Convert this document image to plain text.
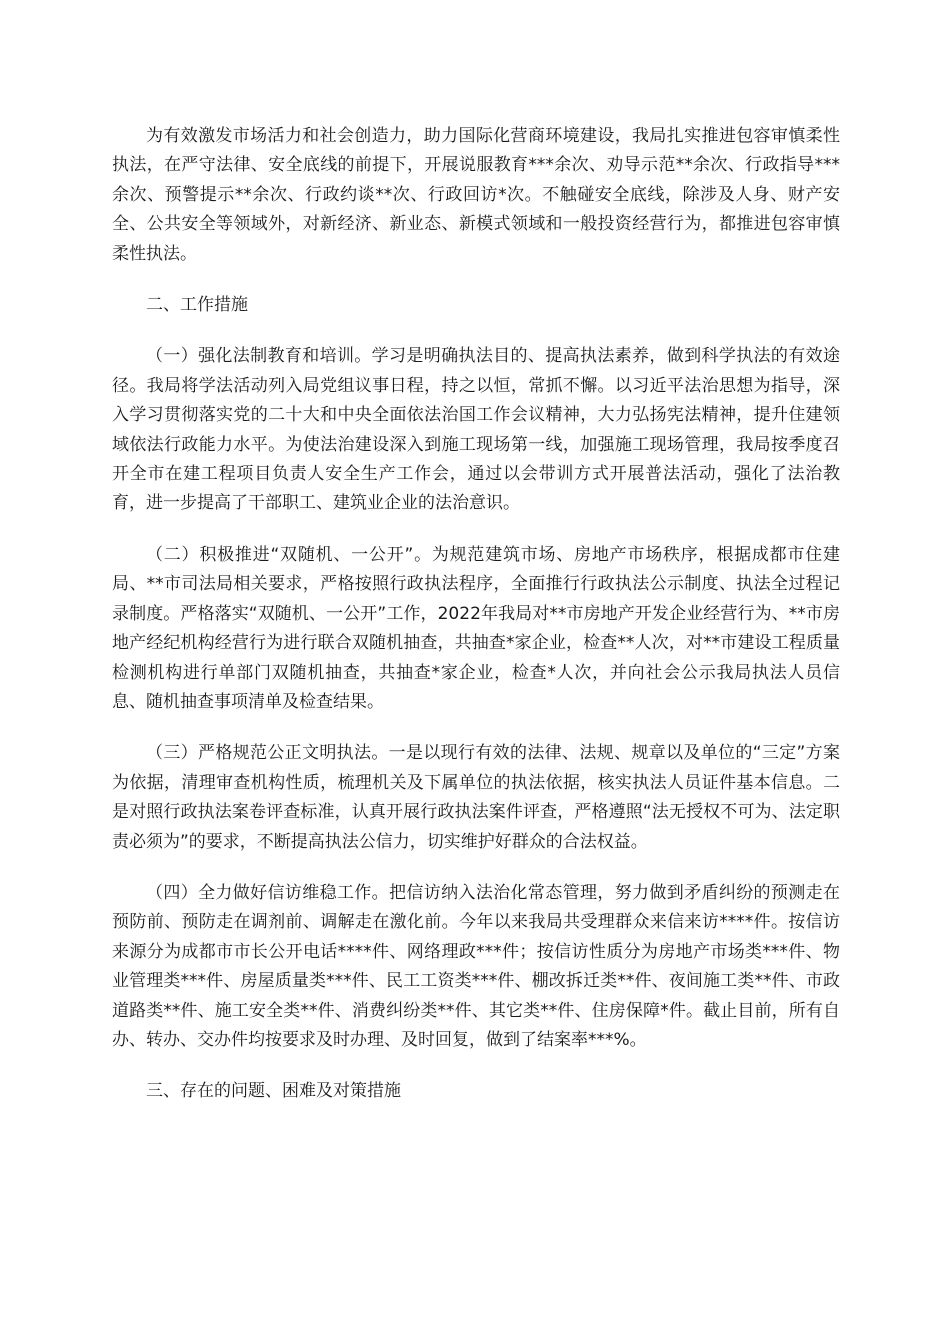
为有效激发市场活力和社会创造力，助力国际化营商环境建设，我局扎实推进包容审慎柔性执法，在严守法律、安全底线的前提下，开展说服教育***余次、劝导示范**余次、行政指导***余次、预警提示**余次、行政约谈**次、行政回访*次。不触碰安全底线，除涉及人身、财产安全、公共安全等领域外，对新经济、新业态、新模式领域和一般投资经营行为，都推进包容审慎柔性执法。

二、工作措施

（一）强化法制教育和培训。学习是明确执法目的、提高执法素养，做到科学执法的有效途径。我局将学法活动列入局党组议事日程，持之以恒，常抓不懈。以习近平法治思想为指导，深入学习贯彻落实党的二十大和中央全面依法治国工作会议精神，大力弘扬宪法精神，提升住建领域依法行政能力水平。为使法治建设深入到施工现场第一线，加强施工现场管理，我局按季度召开全市在建工程项目负责人安全生产工作会，通过以会带训方式开展普法活动，强化了法治教育，进一步提高了干部职工、建筑业企业的法治意识。

（二）积极推进“双随机、一公开”。为规范建筑市场、房地产市场秩序，根据成都市住建局、**市司法局相关要求，严格按照行政执法程序，全面推行行政执法公示制度、执法全过程记录制度。严格落实“双随机、一公开”工作，2022年我局对**市房地产开发企业经营行为、**市房地产经纪机构经营行为进行联合双随机抽查，共抽查*家企业，检查**人次，对**市建设工程质量检测机构进行单部门双随机抽查，共抽查*家企业，检查*人次，并向社会公示我局执法人员信息、随机抽查事项清单及检查结果。

（三）严格规范公正文明执法。一是以现行有效的法律、法规、规章以及单位的“三定”方案为依据，清理审查机构性质，梳理机关及下属单位的执法依据，核实执法人员证件基本信息。二是对照行政执法案卷评查标准，认真开展行政执法案件评查，严格遵照“法无授权不可为、法定职责必须为”的要求，不断提高执法公信力，切实维护好群众的合法权益。

（四）全力做好信访维稳工作。把信访纳入法治化常态管理，努力做到矛盾纠纷的预测走在预防前、预防走在调剂前、调解走在激化前。今年以来我局共受理群众来信来访****件。按信访来源分为成都市市长公开电话****件、网络理政***件；按信访性质分为房地产市场类***件、物业管理类***件、房屋质量类***件、民工工资类***件、棚改拆迁类**件、夜间施工类**件、市政道路类**件、施工安全类**件、消费纠纷类**件、其它类**件、住房保障*件。截止目前，所有自办、转办、交办件均按要求及时办理、及时回复，做到了结案率***%。

三、存在的问题、困难及对策措施
